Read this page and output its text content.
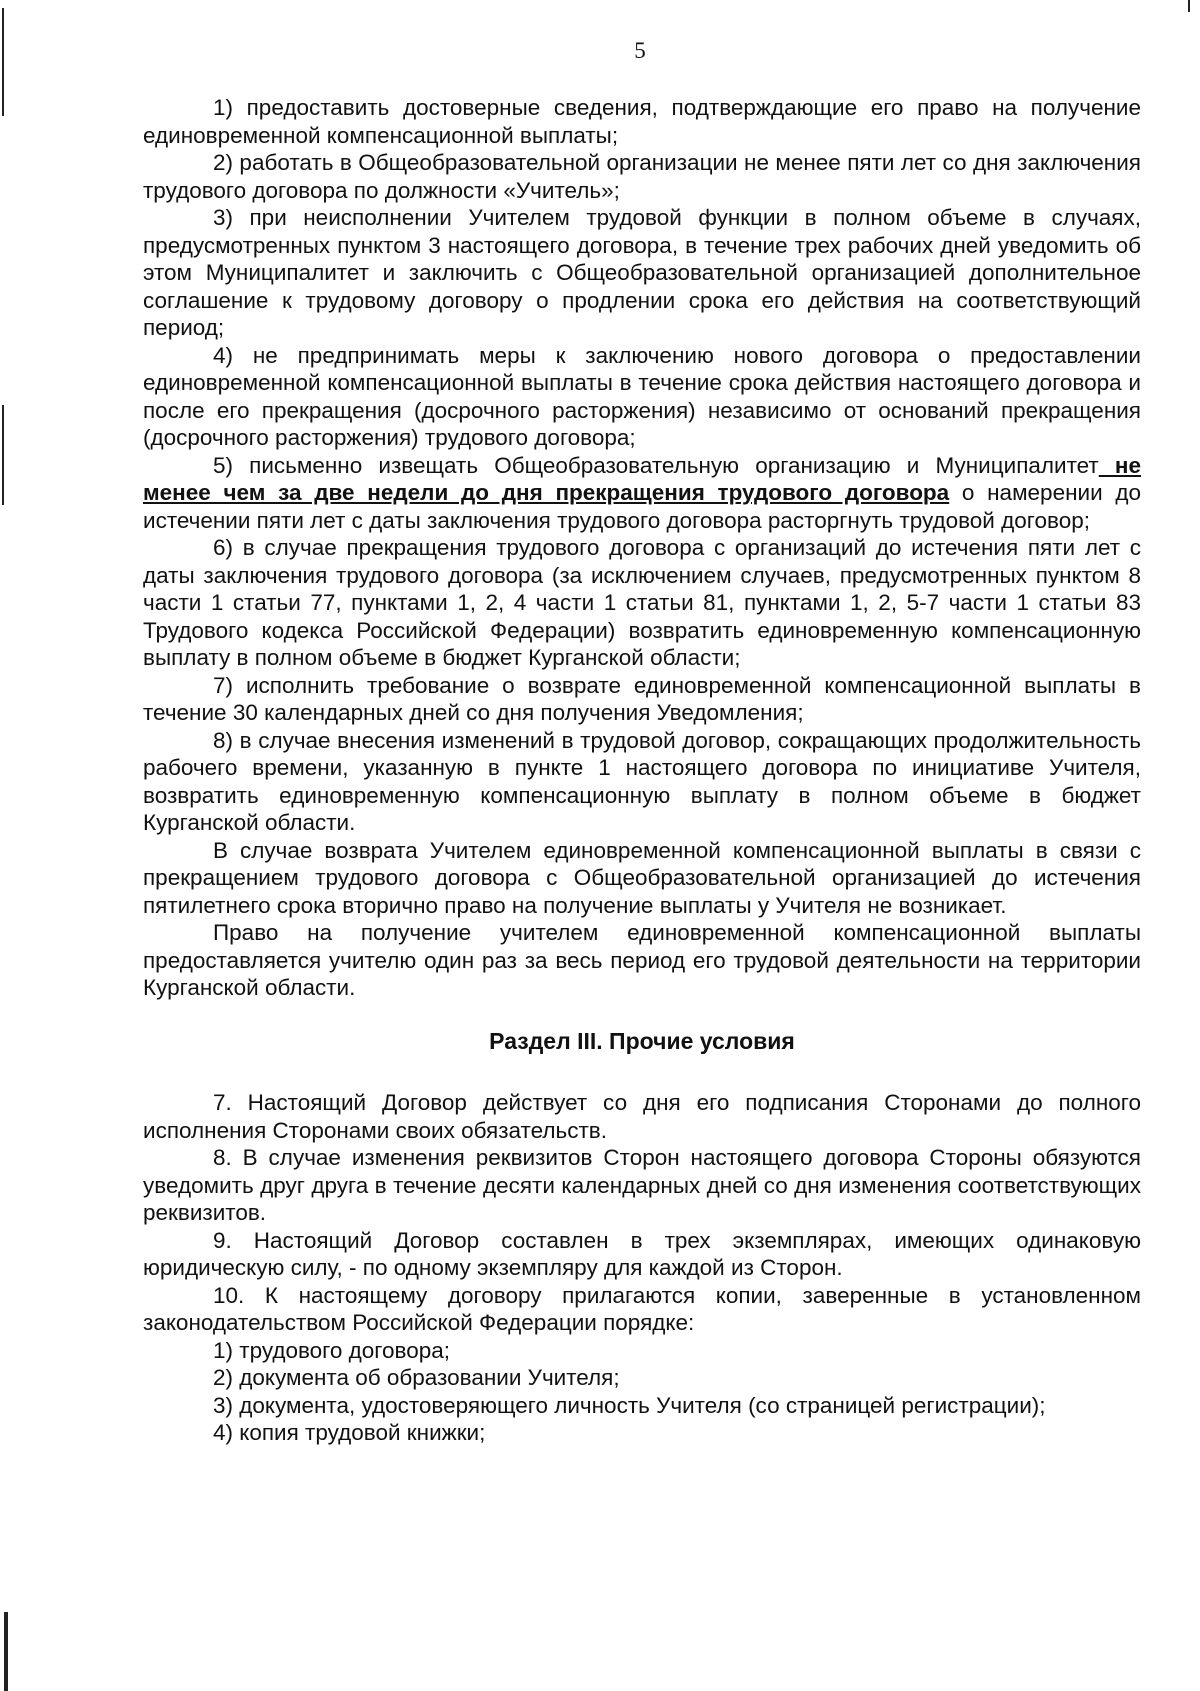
5

1) предоставить достоверные сведения, подтверждающие его право на получение единовременной компенсационной выплаты;

2) работать в Общеобразовательной организации не менее пяти лет со дня заключения трудового договора по должности «Учитель»;

3) при неисполнении Учителем трудовой функции в полном объеме в случаях, предусмотренных пунктом 3 настоящего договора, в течение трех рабочих дней уведомить об этом Муниципалитет и заключить с Общеобразовательной организацией дополнительное соглашение к трудовому договору о продлении срока его действия на соответствующий период;

4) не предпринимать меры к заключению нового договора о предоставлении единовременной компенсационной выплаты в течение срока действия настоящего договора и после его прекращения (досрочного расторжения) независимо от оснований прекращения (досрочного расторжения) трудового договора;

5) письменно извещать Общеобразовательную организацию и Муниципалитет не менее чем за две недели до дня прекращения трудового договора о намерении до истечении пяти лет с даты заключения трудового договора расторгнуть трудовой договор;

6) в случае прекращения трудового договора с организаций до истечения пяти лет с даты заключения трудового договора (за исключением случаев, предусмотренных пунктом 8 части 1 статьи 77, пунктами 1, 2, 4 части 1 статьи 81, пунктами 1, 2, 5-7 части 1 статьи 83 Трудового кодекса Российской Федерации) возвратить единовременную компенсационную выплату в полном объеме в бюджет Курганской области;

7) исполнить требование о возврате единовременной компенсационной выплаты в течение 30 календарных дней со дня получения Уведомления;

8) в случае внесения изменений в трудовой договор, сокращающих продолжительность рабочего времени, указанную в пункте 1 настоящего договора по инициативе Учителя, возвратить единовременную компенсационную выплату в полном объеме в бюджет Курганской области.

В случае возврата Учителем единовременной компенсационной выплаты в связи с прекращением трудового договора с Общеобразовательной организацией до истечения пятилетнего срока вторично право на получение выплаты у Учителя не возникает.

Право на получение учителем единовременной компенсационной выплаты предоставляется учителю один раз за весь период его трудовой деятельности на территории Курганской области.

Раздел III. Прочие условия

7. Настоящий Договор действует со дня его подписания Сторонами до полного исполнения Сторонами своих обязательств.

8. В случае изменения реквизитов Сторон настоящего договора Стороны обязуются уведомить друг друга в течение десяти календарных дней со дня изменения соответствующих реквизитов.

9. Настоящий Договор составлен в трех экземплярах, имеющих одинаковую юридическую силу, - по одному экземпляру для каждой из Сторон.

10. К настоящему договору прилагаются копии, заверенные в установленном законодательством Российской Федерации порядке:

1) трудового договора;

2) документа об образовании Учителя;

3) документа, удостоверяющего личность Учителя (со страницей регистрации);

4) копия трудовой книжки;
